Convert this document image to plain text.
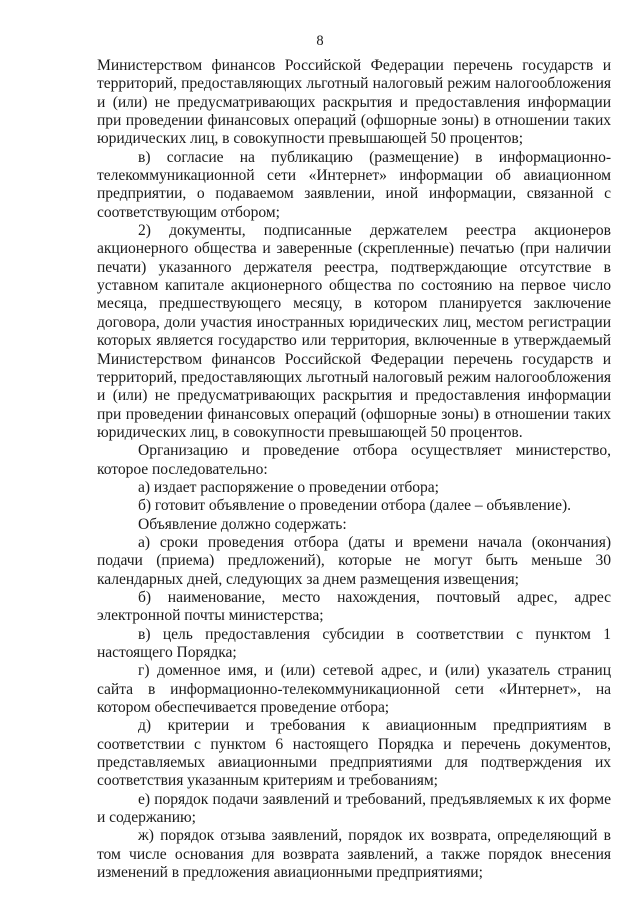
8

Министерством финансов Российской Федерации перечень государств и территорий, предоставляющих льготный налоговый режим налогообложения и (или) не предусматривающих раскрытия и предоставления информации при проведении финансовых операций (офшорные зоны) в отношении таких юридических лиц, в совокупности превышающей 50 процентов;

в) согласие на публикацию (размещение) в информационно-телекоммуникационной сети «Интернет» информации об авиационном предприятии, о подаваемом заявлении, иной информации, связанной с соответствующим отбором;

2) документы, подписанные держателем реестра акционеров акционерного общества и заверенные (скрепленные) печатью (при наличии печати) указанного держателя реестра, подтверждающие отсутствие в уставном капитале акционерного общества по состоянию на первое число месяца, предшествующего месяцу, в котором планируется заключение договора, доли участия иностранных юридических лиц, местом регистрации которых является государство или территория, включенные в утверждаемый Министерством финансов Российской Федерации перечень государств и территорий, предоставляющих льготный налоговый режим налогообложения и (или) не предусматривающих раскрытия и предоставления информации при проведении финансовых операций (офшорные зоны) в отношении таких юридических лиц, в совокупности превышающей 50 процентов.

Организацию и проведение отбора осуществляет министерство, которое последовательно:

а) издает распоряжение о проведении отбора;

б) готовит объявление о проведении отбора (далее – объявление).

Объявление должно содержать:

а) сроки проведения отбора (даты и времени начала (окончания) подачи (приема) предложений), которые не могут быть меньше 30 календарных дней, следующих за днем размещения извещения;

б) наименование, место нахождения, почтовый адрес, адрес электронной почты министерства;

в) цель предоставления субсидии в соответствии с пунктом 1 настоящего Порядка;

г) доменное имя, и (или) сетевой адрес, и (или) указатель страниц сайта в информационно-телекоммуникационной сети «Интернет», на котором обеспечивается проведение отбора;

д) критерии и требования к авиационным предприятиям в соответствии с пунктом 6 настоящего Порядка и перечень документов, представляемых авиационными предприятиями для подтверждения их соответствия указанным критериям и требованиям;

е) порядок подачи заявлений и требований, предъявляемых к их форме и содержанию;

ж) порядок отзыва заявлений, порядок их возврата, определяющий в том числе основания для возврата заявлений, а также порядок внесения изменений в предложения авиационными предприятиями;
